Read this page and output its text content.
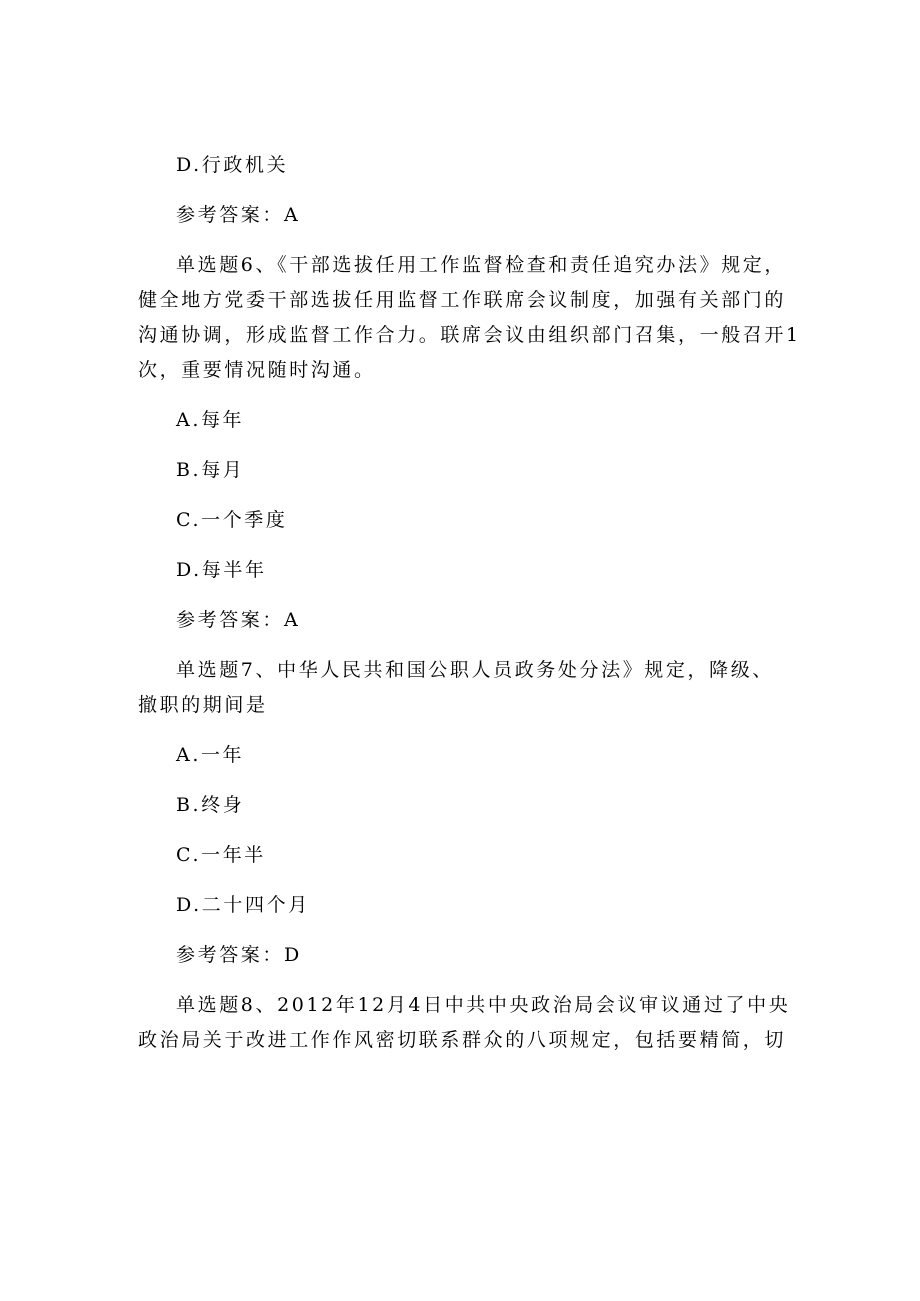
D.行政机关
参考答案：A
单选题6、《干部选拔任用工作监督检查和责任追究办法》规定，
健全地方党委干部选拔任用监督工作联席会议制度，加强有关部门的
沟通协调，形成监督工作合力。联席会议由组织部门召集，一般召开1
次，重要情况随时沟通。
A.每年
B.每月
C.一个季度
D.每半年
参考答案：A
单选题7、中华人民共和国公职人员政务处分法》规定，降级、
撤职的期间是
A.一年
B.终身
C.一年半
D.二十四个月
参考答案：D
单选题8、2012年12月4日中共中央政治局会议审议通过了中央
政治局关于改进工作作风密切联系群众的八项规定，包括要精简，切
